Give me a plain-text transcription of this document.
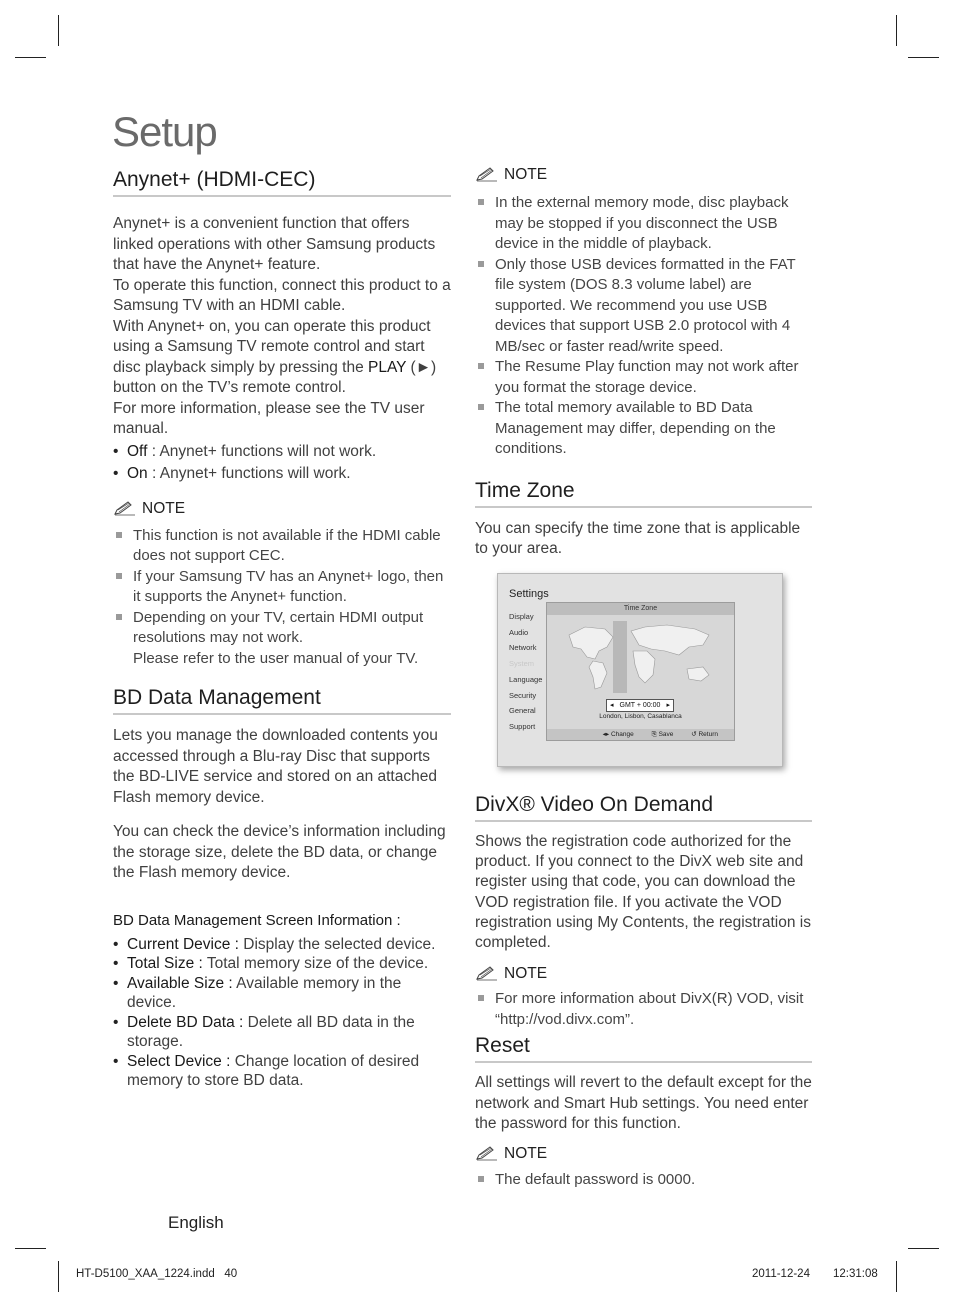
Setup
Anynet+ (HDMI-CEC)

Anynet+ is a convenient function that offers linked operations with other Samsung products that have the Anynet+ feature.

To operate this function, connect this product to a Samsung TV with an HDMI cable.

With Anynet+ on, you can operate this product using a Samsung TV remote control and start disc playback simply by pressing the PLAY (►) button on the TV’s remote control.

For more information, please see the TV user manual.

• Off : Anynet+ functions will not work.
• On : Anynet+ functions will work.
NOTE
This function is not available if the HDMI cable does not support CEC.
If your Samsung TV has an Anynet+ logo, then it supports the Anynet+ function.
Depending on your TV, certain HDMI output resolutions may not work.
Please refer to the user manual of your TV.
BD Data Management

Lets you manage the downloaded contents you accessed through a Blu-ray Disc that supports the BD-LIVE service and stored on an attached Flash memory device.

You can check the device’s information including the storage size, delete the BD data, or change the Flash memory device.

BD Data Management Screen Information :
• Current Device : Display the selected device.
• Total Size : Total memory size of the device.
• Available Size : Available memory in the device.
• Delete BD Data : Delete all BD data in the storage.
• Select Device : Change location of desired memory to store BD data.
NOTE
In the external memory mode, disc playback may be stopped if you disconnect the USB device in the middle of playback.
Only those USB devices formatted in the FAT file system (DOS 8.3 volume label) are supported. We recommend you use USB devices that support USB 2.0 protocol with 4 MB/sec or faster read/write speed.
The Resume Play function may not work after you format the storage device.
The total memory available to BD Data Management may differ, depending on the conditions.
Time Zone
You can specify the time zone that is applicable to your area.
Settings
Display
Audio
Network
System
Language
Security
General
Support
Time Zone
◂ GMT + 00:00 ▸
London, Lisbon, Casablanca
◂▸ Change	⎘ Save	↺ Return
DivX® Video On Demand
Shows the registration code authorized for the product. If you connect to the DivX web site and register using that code, you can download the VOD registration file. If you activate the VOD registration using My Contents, the registration is completed.
NOTE
For more information about DivX(R) VOD, visit “http://vod.divx.com”.
Reset
All settings will revert to the default except for the network and Smart Hub settings. You need enter the password for this function.
NOTE
The default password is 0000.
English
HT-D5100_XAA_1224.indd   40	2011-12-24 12:31:08
